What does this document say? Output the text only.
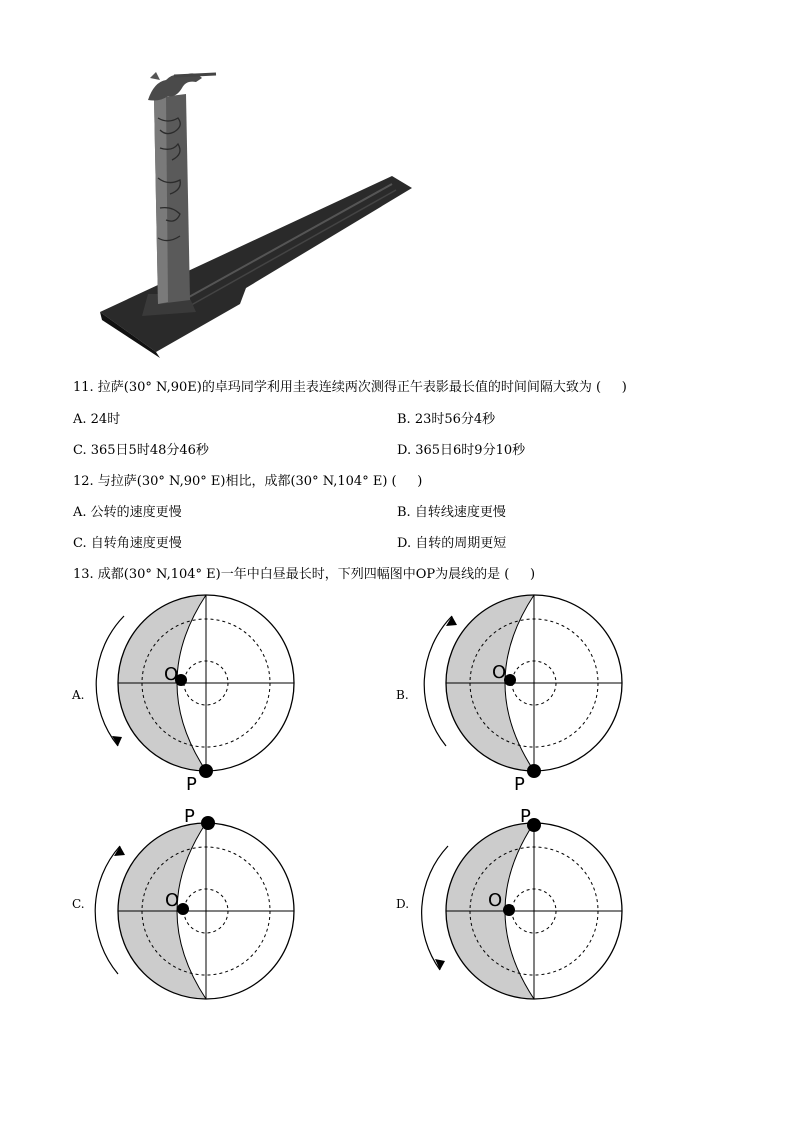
11. 拉萨(30° N,90E)的卓玛同学利用圭表连续两次测得正午表影最长值的时间间隔大致为 (     )
A. 24时	B. 23时56分4秒
C. 365日5时48分46秒	D. 365日6时9分10秒
12. 与拉萨(30° N,90° E)相比，成都(30° N,104° E) (     )
A. 公转的速度更慢	B. 自转线速度更慢
C. 自转角速度更慢	D. 自转的周期更短
13. 成都(30° N,104° E)一年中白昼最长时，下列四幅图中OP为晨线的是 (     )
A.
O
P
B.
O
P
C.	O
P
D.	O
P
